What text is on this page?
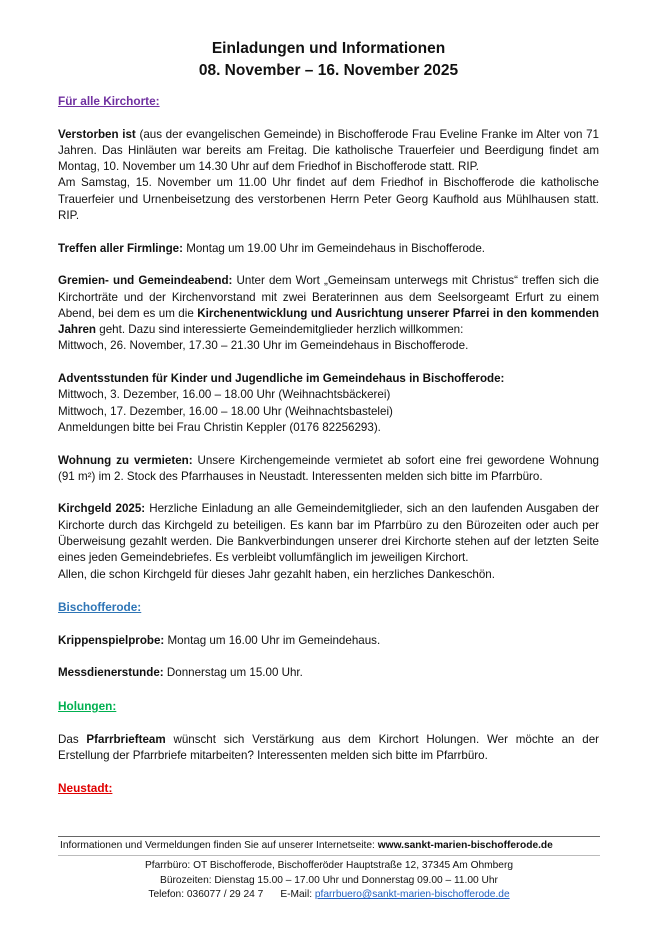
Einladungen und Informationen
08. November – 16. November 2025
Für alle Kirchorte:
Verstorben ist (aus der evangelischen Gemeinde) in Bischofferode Frau Eveline Franke im Alter von 71 Jahren. Das Hinläuten war bereits am Freitag. Die katholische Trauerfeier und Beerdigung findet am Montag, 10. November um 14.30 Uhr auf dem Friedhof in Bischofferode statt. RIP.
Am Samstag, 15. November um 11.00 Uhr findet auf dem Friedhof in Bischofferode die katholische Trauerfeier und Urnenbeisetzung des verstorbenen Herrn Peter Georg Kaufhold aus Mühlhausen statt. RIP.
Treffen aller Firmlinge: Montag um 19.00 Uhr im Gemeindehaus in Bischofferode.
Gremien- und Gemeindeabend: Unter dem Wort „Gemeinsam unterwegs mit Christus“ treffen sich die Kirchorträte und der Kirchenvorstand mit zwei Beraterinnen aus dem Seelsorgeamt Erfurt zu einem Abend, bei dem es um die Kirchenentwicklung und Ausrichtung unserer Pfarrei in den kommenden Jahren geht. Dazu sind interessierte Gemeindemitglieder herzlich willkommen:
Mittwoch, 26. November, 17.30 – 21.30 Uhr im Gemeindehaus in Bischofferode.
Adventsstunden für Kinder und Jugendliche im Gemeindehaus in Bischofferode:
Mittwoch, 3. Dezember, 16.00 – 18.00 Uhr (Weihnachtsbäckerei)
Mittwoch, 17. Dezember, 16.00 – 18.00 Uhr (Weihnachtsbastelei)
Anmeldungen bitte bei Frau Christin Keppler (0176 82256293).
Wohnung zu vermieten: Unsere Kirchengemeinde vermietet ab sofort eine frei gewordene Wohnung (91 m²) im 2. Stock des Pfarrhauses in Neustadt. Interessenten melden sich bitte im Pfarrbüro.
Kirchgeld 2025: Herzliche Einladung an alle Gemeindemitglieder, sich an den laufenden Ausgaben der Kirchorte durch das Kirchgeld zu beteiligen. Es kann bar im Pfarrbüro zu den Bürozeiten oder auch per Überweisung gezahlt werden. Die Bankverbindungen unserer drei Kirchorte stehen auf der letzten Seite eines jeden Gemeindebriefes. Es verbleibt vollumfänglich im jeweiligen Kirchort.
Allen, die schon Kirchgeld für dieses Jahr gezahlt haben, ein herzliches Dankeschön.
Bischofferode:
Krippenspielprobe: Montag um 16.00 Uhr im Gemeindehaus.
Messdienerstunde: Donnerstag um 15.00 Uhr.
Holungen:
Das Pfarrbriefteam wünscht sich Verstärkung aus dem Kirchort Holungen. Wer möchte an der Erstellung der Pfarrbriefe mitarbeiten? Interessenten melden sich bitte im Pfarrbüro.
Neustadt:
Informationen und Vermeldungen finden Sie auf unserer Internetseite: www.sankt-marien-bischofferode.de
Pfarrbüro: OT Bischofferode, Bischofferöder Hauptstraße 12, 37345 Am Ohmberg
Bürozeiten: Dienstag 15.00 – 17.00 Uhr und Donnerstag 09.00 – 11.00 Uhr
Telefon: 036077 / 29 24 7 E-Mail: pfarrbuero@sankt-marien-bischofferode.de
